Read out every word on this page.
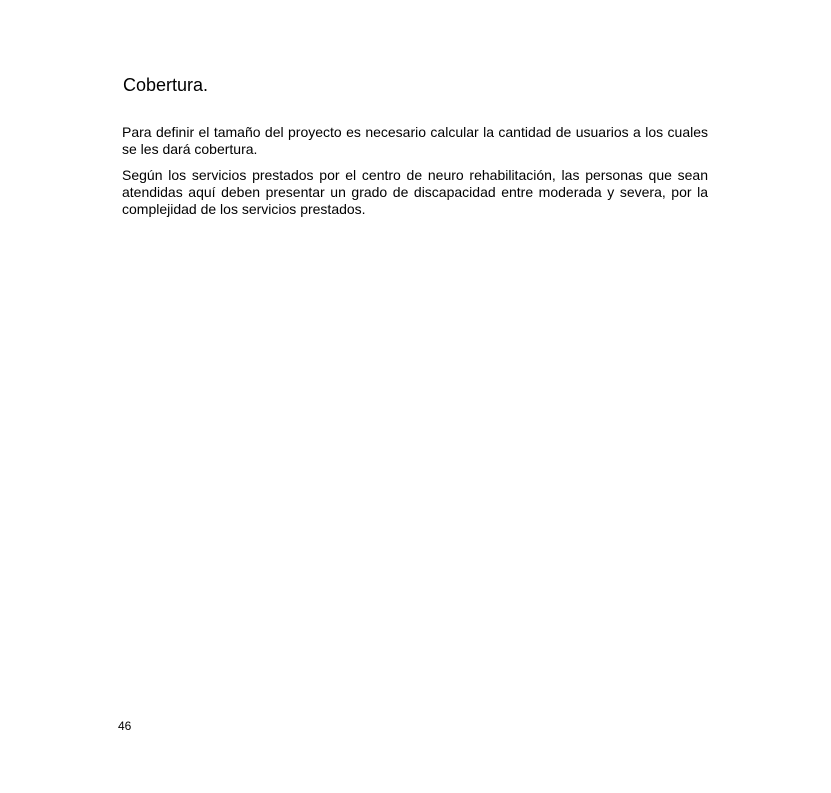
Cobertura.

Para definir el tamaño del proyecto es necesario calcular la cantidad de usuarios a los cuales se les dará cobertura.

Según los servicios prestados por el centro de neuro rehabilitación, las personas que sean atendidas aquí deben presentar un grado de discapacidad entre moderada y severa, por la complejidad de los servicios prestados.

46
